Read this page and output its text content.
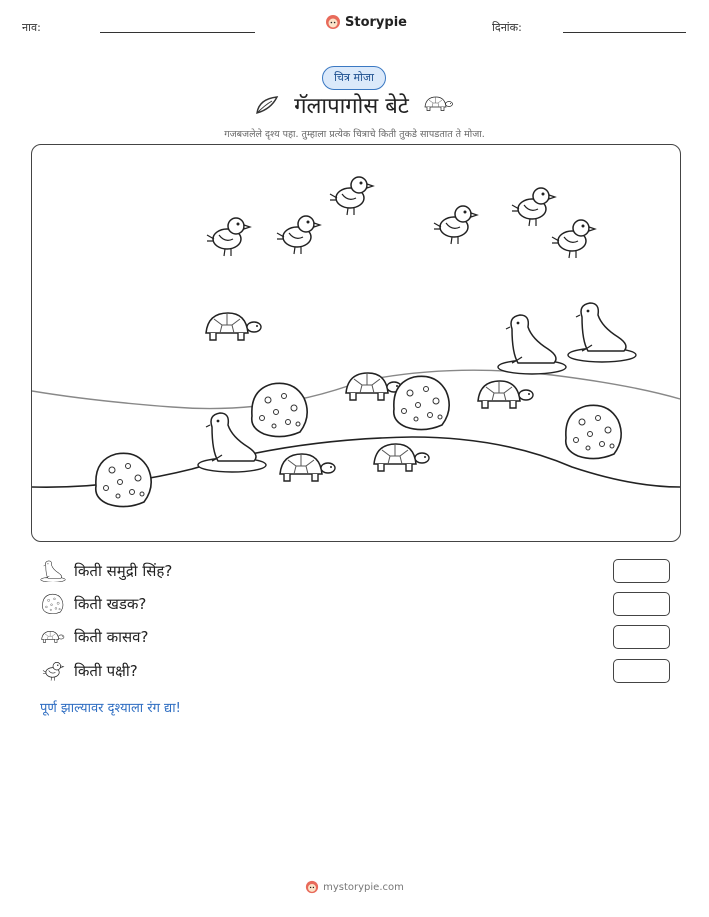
नाव:	Storypie	दिनांक:
चित्र मोजा
गॅलापागोस बेटे
गजबजलेले दृश्य पहा. तुम्हाला प्रत्येक चित्राचे किती तुकडे सापडतात ते मोजा.
किती समुद्री सिंह?
किती खडक?
किती कासव?
किती पक्षी?
पूर्ण झाल्यावर दृश्याला रंग द्या!
mystorypie.com
